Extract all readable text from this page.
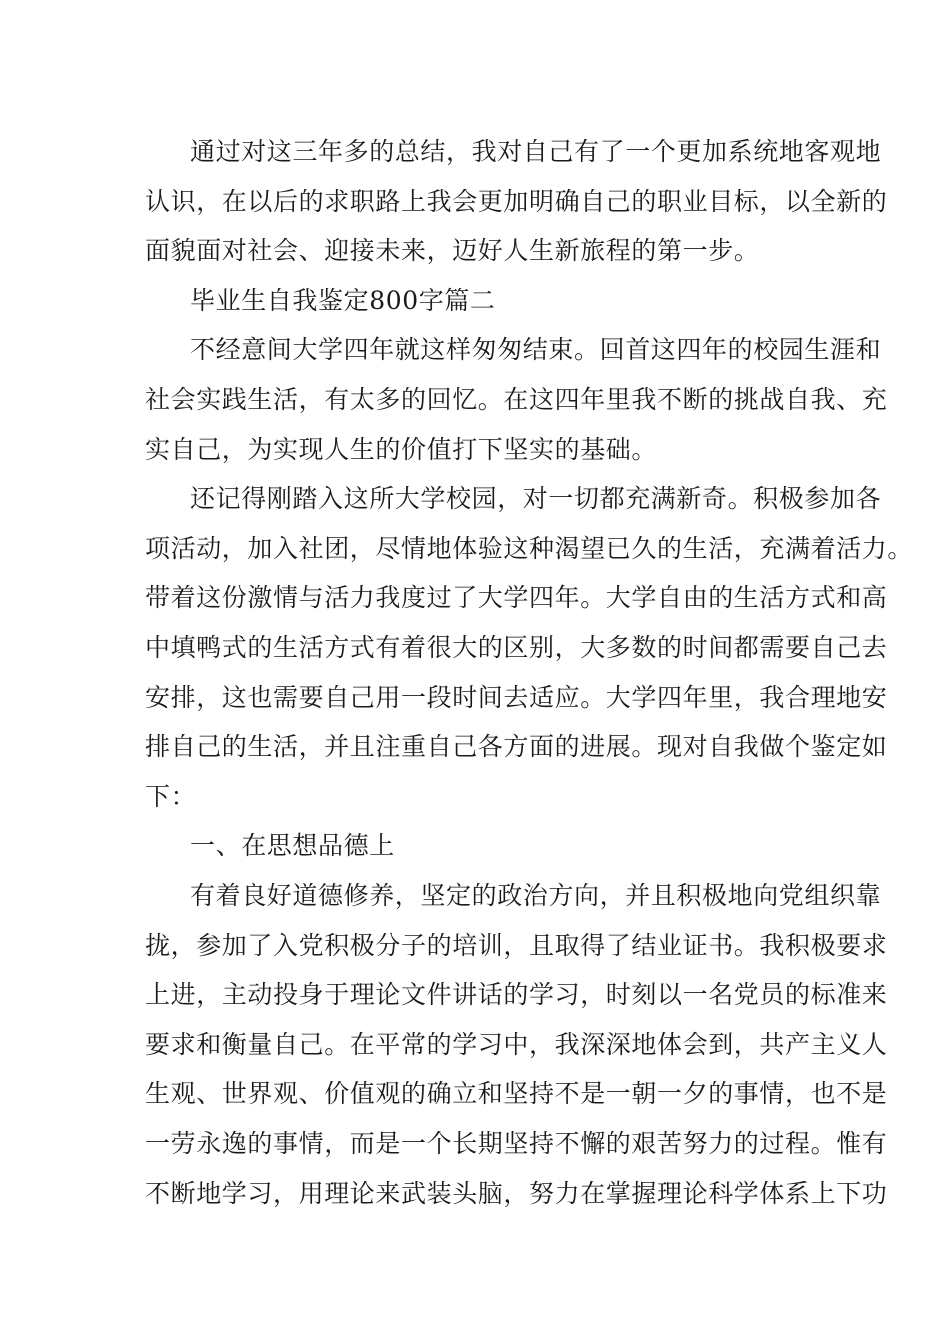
通过对这三年多的总结，我对自己有了一个更加系统地客观地
认识，在以后的求职路上我会更加明确自己的职业目标，以全新的
面貌面对社会、迎接未来，迈好人生新旅程的第一步。
毕业生自我鉴定800字篇二
不经意间大学四年就这样匆匆结束。回首这四年的校园生涯和
社会实践生活，有太多的回忆。在这四年里我不断的挑战自我、充
实自己，为实现人生的价值打下坚实的基础。
还记得刚踏入这所大学校园，对一切都充满新奇。积极参加各
项活动，加入社团，尽情地体验这种渴望已久的生活，充满着活力。
带着这份激情与活力我度过了大学四年。大学自由的生活方式和高
中填鸭式的生活方式有着很大的区别，大多数的时间都需要自己去
安排，这也需要自己用一段时间去适应。大学四年里，我合理地安
排自己的生活，并且注重自己各方面的进展。现对自我做个鉴定如
下：
一、在思想品德上
有着良好道德修养，坚定的政治方向，并且积极地向党组织靠
拢，参加了入党积极分子的培训，且取得了结业证书。我积极要求
上进，主动投身于理论文件讲话的学习，时刻以一名党员的标准来
要求和衡量自己。在平常的学习中，我深深地体会到，共产主义人
生观、世界观、价值观的确立和坚持不是一朝一夕的事情，也不是
一劳永逸的事情，而是一个长期坚持不懈的艰苦努力的过程。惟有
不断地学习，用理论来武装头脑，努力在掌握理论科学体系上下功
